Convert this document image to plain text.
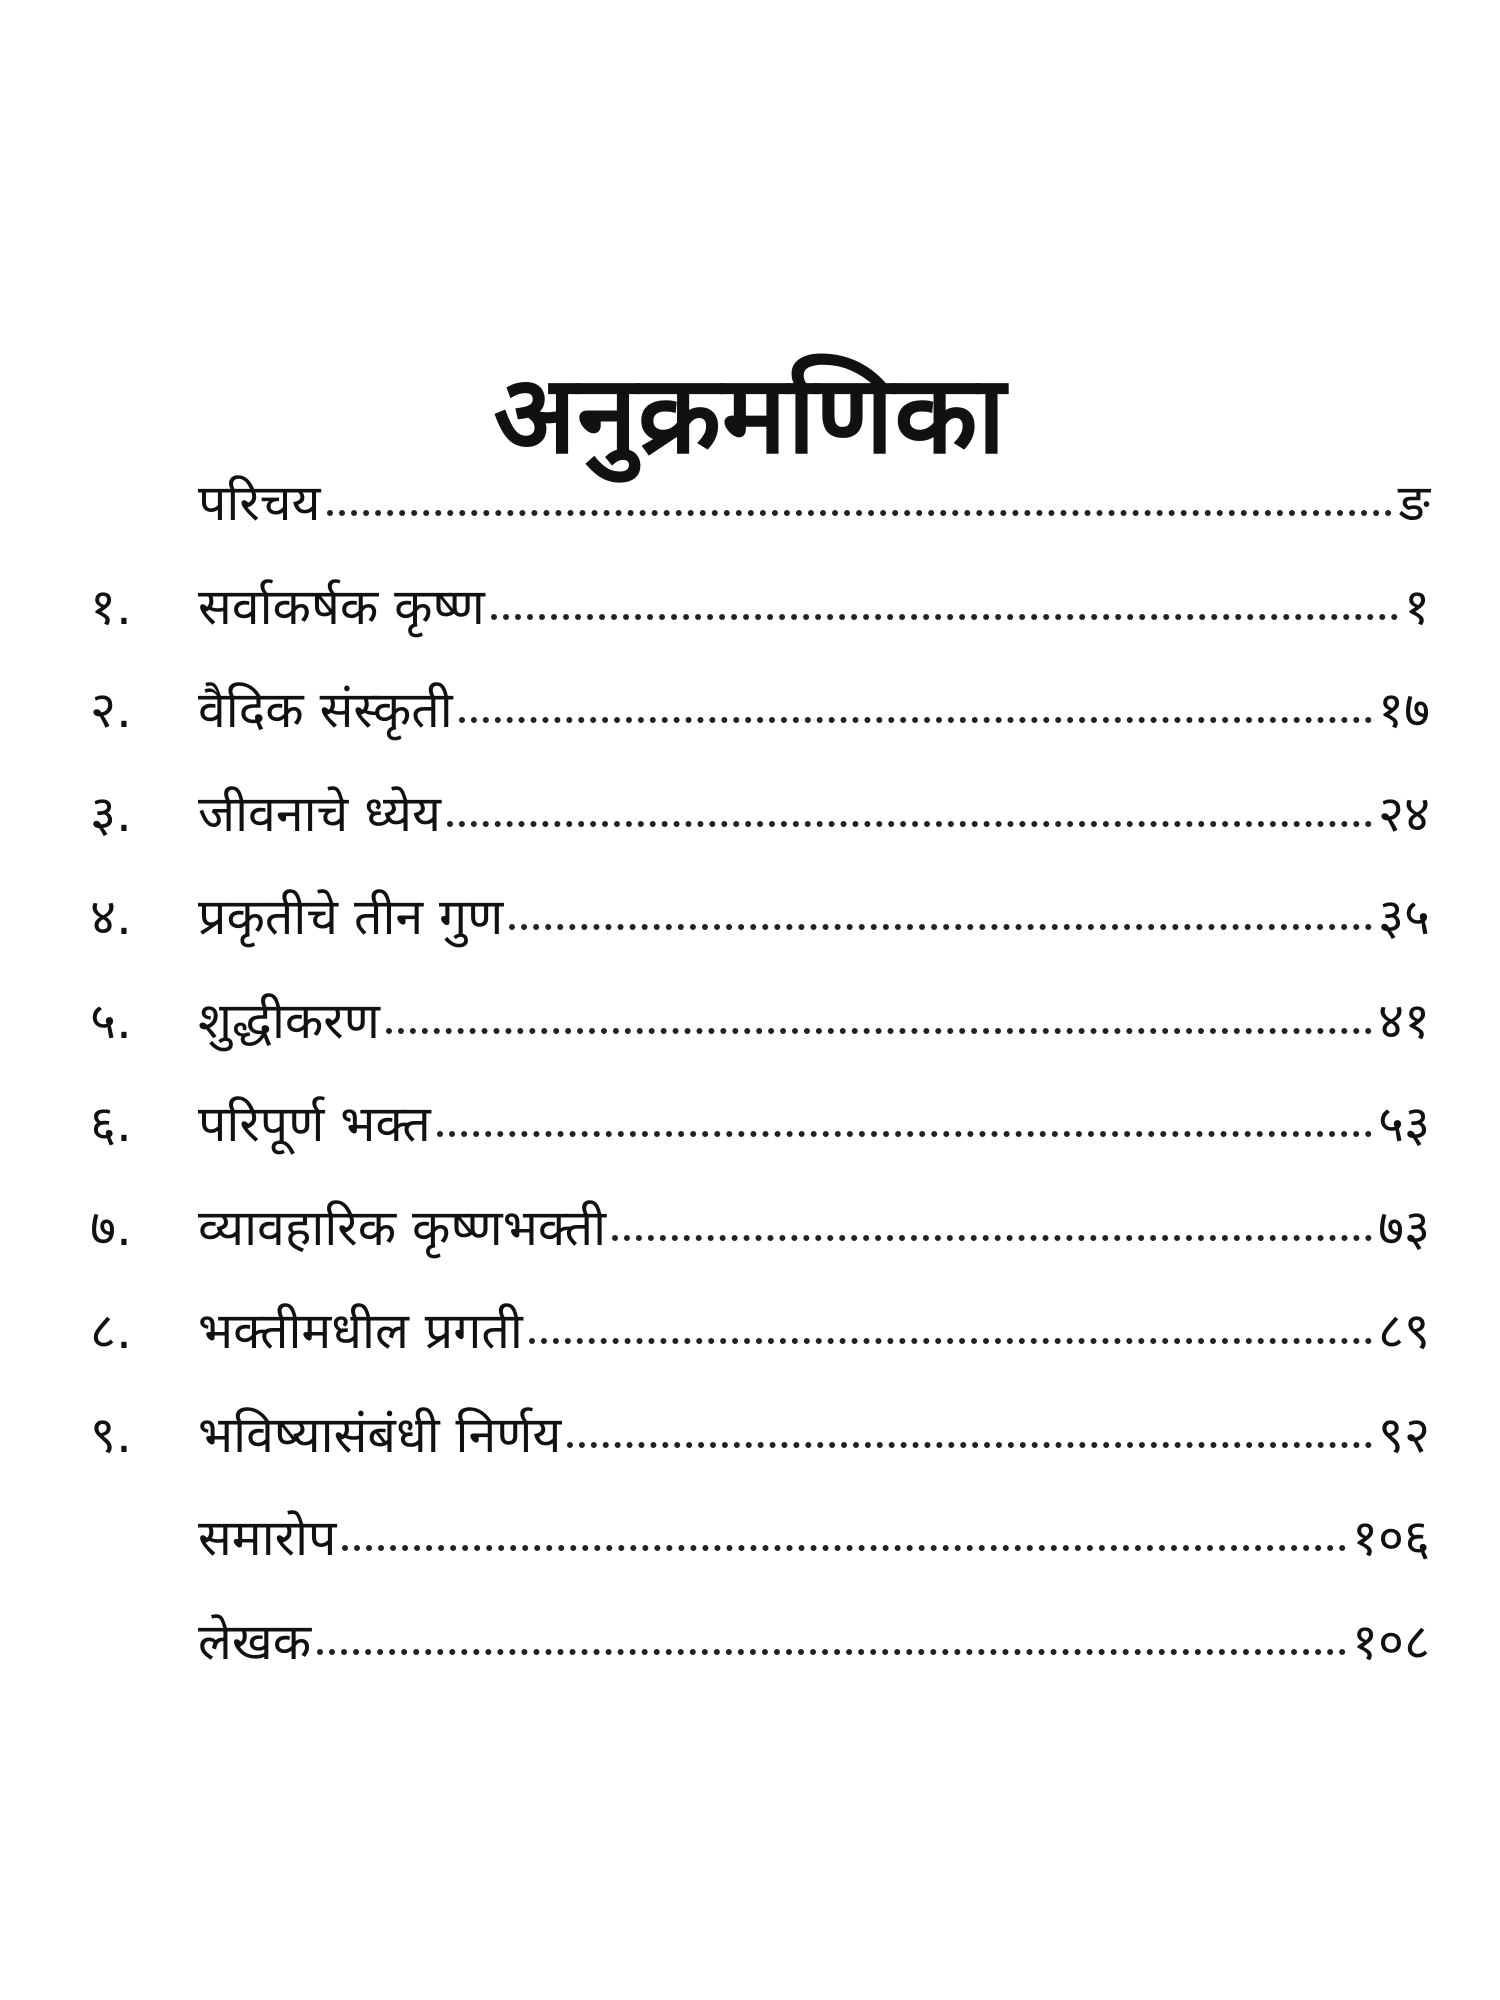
अनुक्रमणिका
परिचय	ङ
१.	सर्वाकर्षक कृष्ण	१
२.	वैदिक संस्कृती	१७
३.	जीवनाचे ध्येय	२४
४.	प्रकृतीचे तीन गुण	३५
५.	शुद्धीकरण	४१
६.	परिपूर्ण भक्त	५३
७.	व्यावहारिक कृष्णभक्ती	७३
८.	भक्तीमधील प्रगती	८९
९.	भविष्यासंबंधी निर्णय	९२
समारोप	१०६
लेखक	१०८
